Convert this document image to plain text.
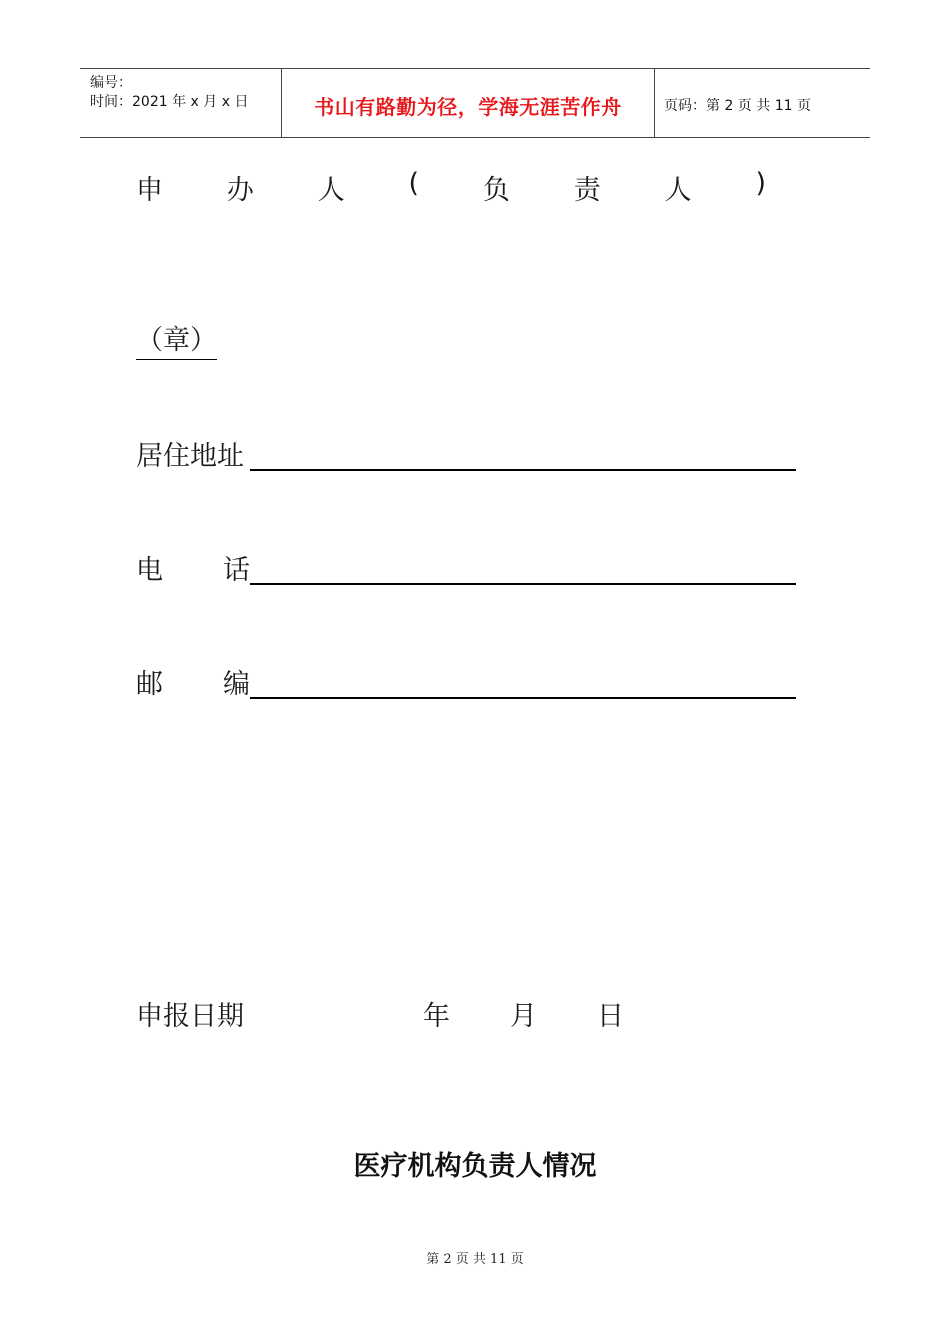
编号：
时间：2021 年 x 月 x 日	书山有路勤为径，学海无涯苦作舟	页码：第 2 页 共 11 页
申 办 人 ( 负 责 人 )
（章）
居住地址
电 话
邮 编
申报日期	年 月 日
医疗机构负责人情况
第 2 页 共 11 页
